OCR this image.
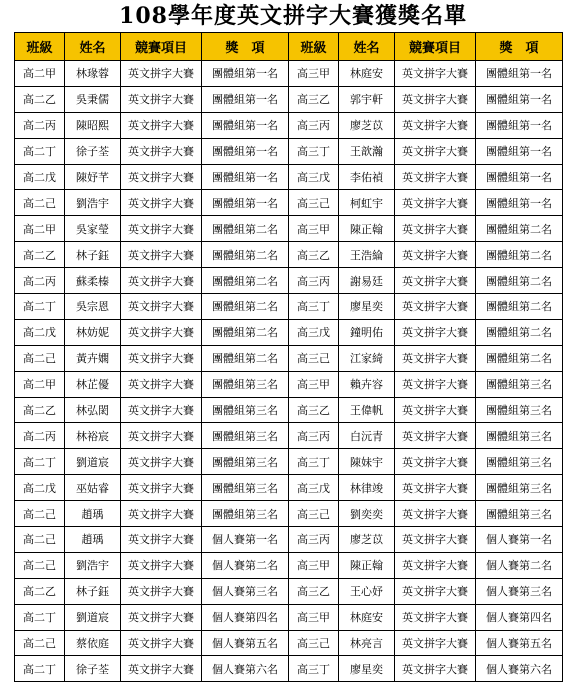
108學年度英文拼字大賽獲獎名單
班級	姓名	競賽項目	獎　項	班級	姓名	競賽項目	獎　項
高二甲	林瑑蓉	英文拼字大賽	團體組第一名	高三甲	林庭安	英文拼字大賽	團體組第一名
高二乙	吳秉儒	英文拼字大賽	團體組第一名	高三乙	郭宇軒	英文拼字大賽	團體組第一名
高二丙	陳昭熙	英文拼字大賽	團體組第一名	高三丙	廖芝苡	英文拼字大賽	團體組第一名
高二丁	徐子荃	英文拼字大賽	團體組第一名	高三丁	王歆瀚	英文拼字大賽	團體組第一名
高二戊	陳妤芊	英文拼字大賽	團體組第一名	高三戊	李佑禎	英文拼字大賽	團體組第一名
高二己	劉浩宇	英文拼字大賽	團體組第一名	高三己	柯虹宇	英文拼字大賽	團體組第一名
高二甲	吳家瑩	英文拼字大賽	團體組第二名	高三甲	陳正翰	英文拼字大賽	團體組第二名
高二乙	林子鈺	英文拼字大賽	團體組第二名	高三乙	王浩綸	英文拼字大賽	團體組第二名
高二丙	蘇柔榛	英文拼字大賽	團體組第二名	高三丙	謝易廷	英文拼字大賽	團體組第二名
高二丁	吳宗恩	英文拼字大賽	團體組第二名	高三丁	廖星奕	英文拼字大賽	團體組第二名
高二戊	林妨妮	英文拼字大賽	團體組第二名	高三戊	鐘明佑	英文拼字大賽	團體組第二名
高二己	黃卉嫻	英文拼字大賽	團體組第二名	高三己	江家綺	英文拼字大賽	團體組第二名
高二甲	林芷優	英文拼字大賽	團體組第三名	高三甲	賴卉容	英文拼字大賽	團體組第三名
高二乙	林弘閎	英文拼字大賽	團體組第三名	高三乙	王偉帆	英文拼字大賽	團體組第三名
高二丙	林裕宸	英文拼字大賽	團體組第三名	高三丙	白沅青	英文拼字大賽	團體組第三名
高二丁	劉道宸	英文拼字大賽	團體組第三名	高三丁	陳妹宇	英文拼字大賽	團體組第三名
高二戊	巫姑睿	英文拼字大賽	團體組第三名	高三戊	林律竣	英文拼字大賽	團體組第三名
高二己	趙瑀	英文拼字大賽	團體組第三名	高三己	劉奕奕	英文拼字大賽	團體組第三名
高二己	趙瑀	英文拼字大賽	個人賽第一名	高三丙	廖芝苡	英文拼字大賽	個人賽第一名
高二己	劉浩宇	英文拼字大賽	個人賽第二名	高三甲	陳正翰	英文拼字大賽	個人賽第二名
高二乙	林子鈺	英文拼字大賽	個人賽第三名	高三乙	王心妤	英文拼字大賽	個人賽第三名
高二丁	劉道宸	英文拼字大賽	個人賽第四名	高三甲	林庭安	英文拼字大賽	個人賽第四名
高二己	蔡依庭	英文拼字大賽	個人賽第五名	高三己	林亮言	英文拼字大賽	個人賽第五名
高二丁	徐子荃	英文拼字大賽	個人賽第六名	高三丁	廖星奕	英文拼字大賽	個人賽第六名
